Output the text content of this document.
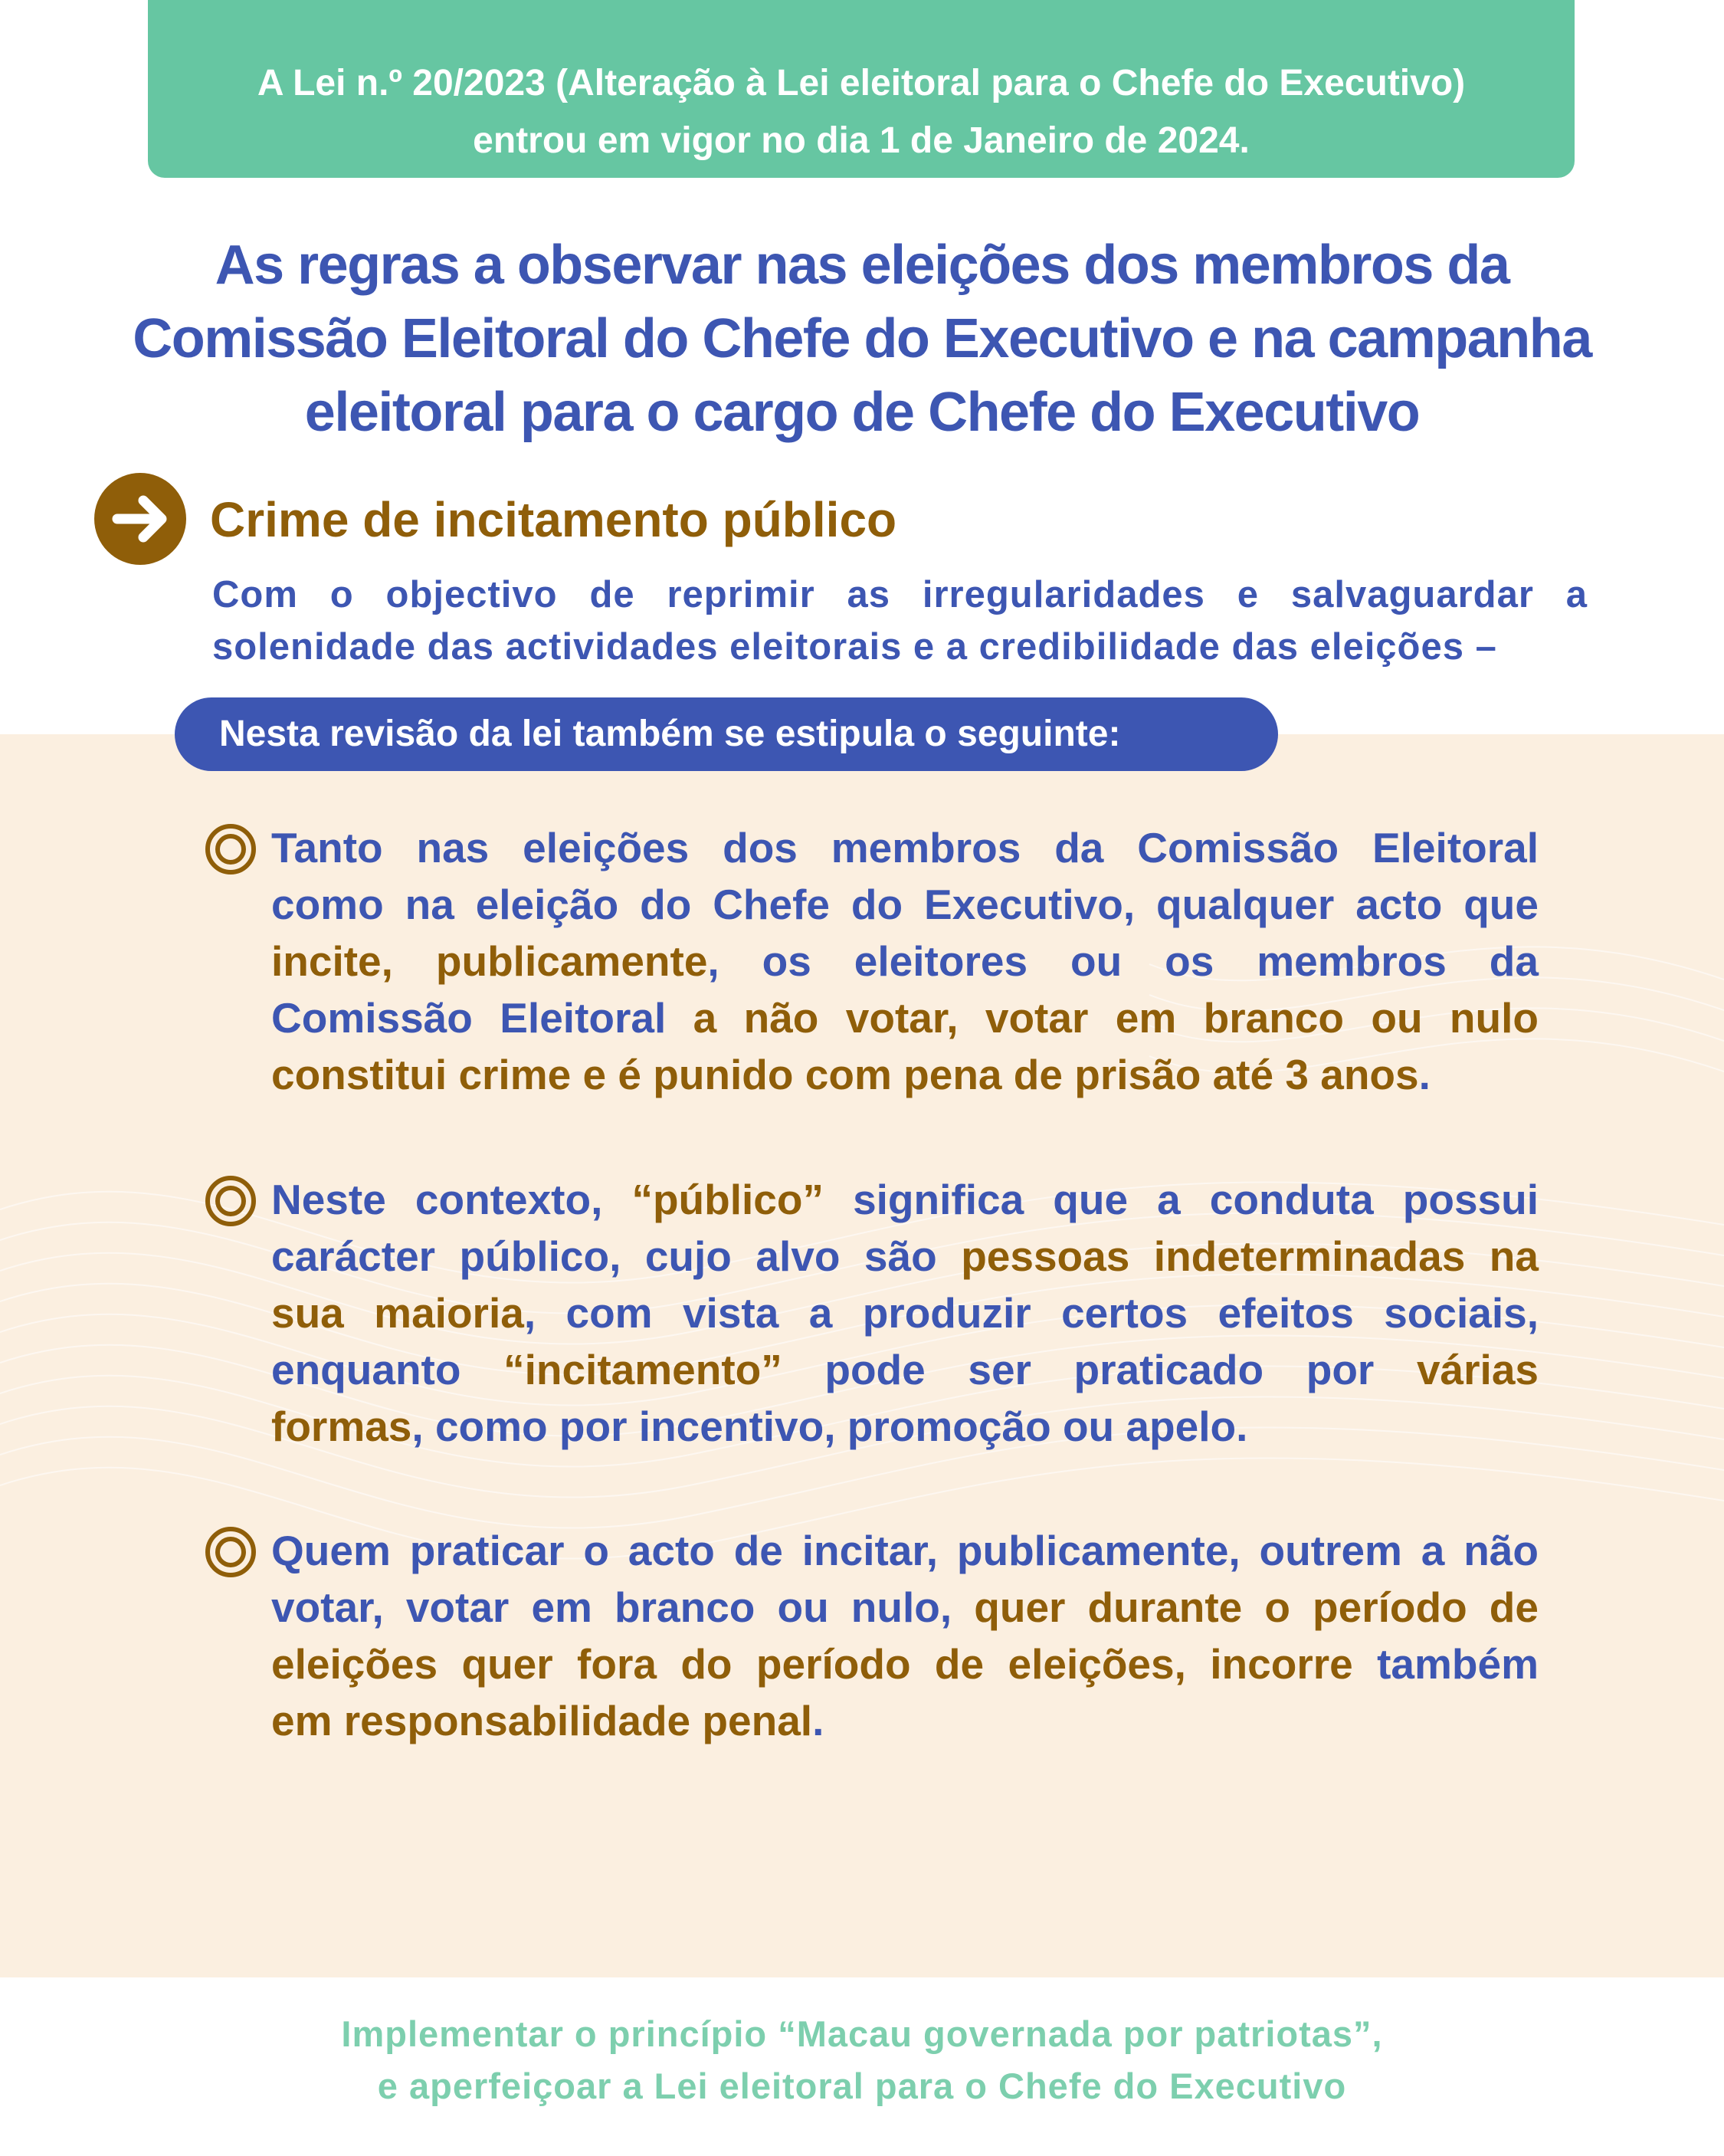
A Lei n.º 20/2023 (Alteração à Lei eleitoral para o Chefe do Executivo)
entrou em vigor no dia 1 de Janeiro de 2024.
As regras a observar nas eleições dos membros da
Comissão Eleitoral do Chefe do Executivo e na campanha
eleitoral para o cargo de Chefe do Executivo
Crime de incitamento público
Com o objectivo de reprimir as irregularidades e salvaguardar a
solenidade das actividades eleitorais e a credibilidade das eleições –
Nesta revisão da lei também se estipula o seguinte:
Tanto nas eleições dos membros da Comissão Eleitoral
como na eleição do Chefe do Executivo, qualquer acto que
incite, publicamente, os eleitores ou os membros da
Comissão Eleitoral a não votar, votar em branco ou nulo
constitui crime e é punido com pena de prisão até 3 anos.
Neste contexto, “público” significa que a conduta possui
carácter público, cujo alvo são pessoas indeterminadas na
sua maioria, com vista a produzir certos efeitos sociais,
enquanto “incitamento” pode ser praticado por várias
formas, como por incentivo, promoção ou apelo.
Quem praticar o acto de incitar, publicamente, outrem a não
votar, votar em branco ou nulo, quer durante o período de
eleições quer fora do período de eleições, incorre também
em responsabilidade penal.
Implementar o princípio “Macau governada por patriotas”,
e aperfeiçoar a Lei eleitoral para o Chefe do Executivo
